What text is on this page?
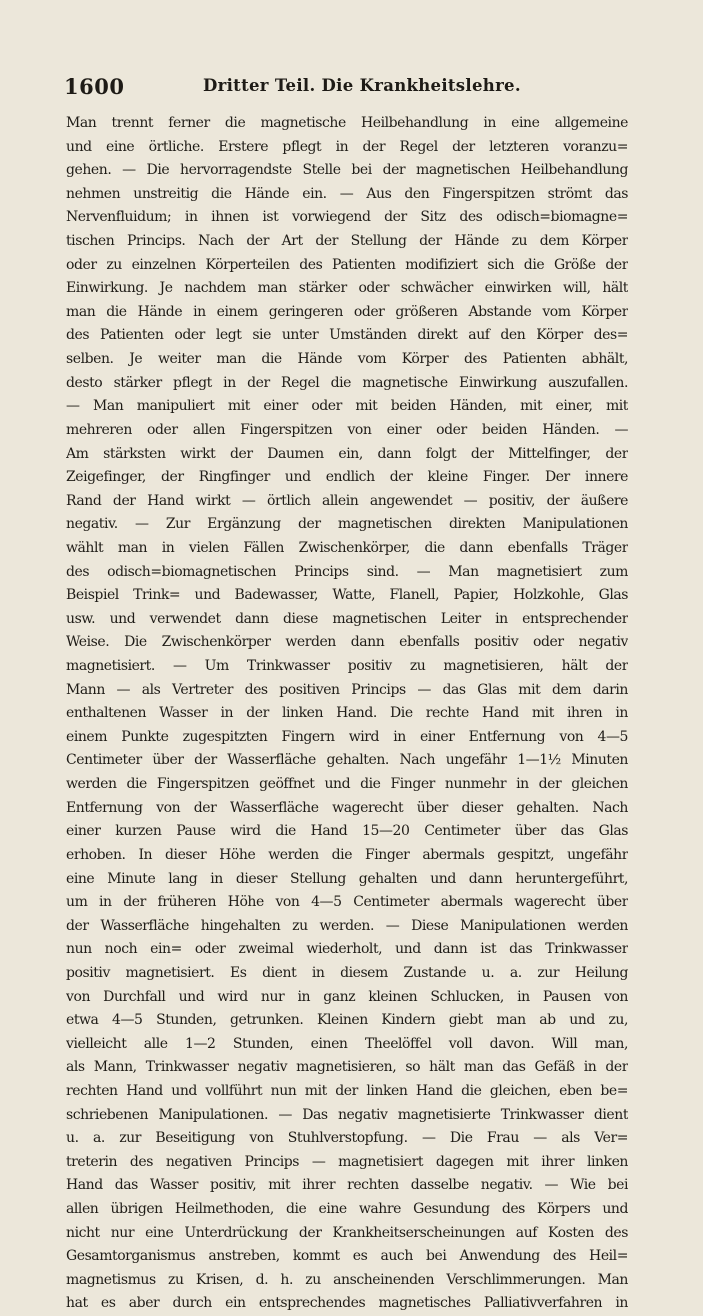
1600	Dritter Teil. Die Krankheitslehre.
Man trennt ferner die magnetische Heilbehandlung in eine allgemeine
und eine örtliche. Erstere pflegt in der Regel der letzteren voranzu=
gehen. — Die hervorragendste Stelle bei der magnetischen Heilbehandlung
nehmen unstreitig die Hände ein. — Aus den Fingerspitzen strömt das
Nervenfluidum; in ihnen ist vorwiegend der Sitz des odisch=biomagne=
tischen Princips. Nach der Art der Stellung der Hände zu dem Körper
oder zu einzelnen Körperteilen des Patienten modifiziert sich die Größe der
Einwirkung. Je nachdem man stärker oder schwächer einwirken will, hält
man die Hände in einem geringeren oder größeren Abstande vom Körper
des Patienten oder legt sie unter Umständen direkt auf den Körper des=
selben. Je weiter man die Hände vom Körper des Patienten abhält,
desto stärker pflegt in der Regel die magnetische Einwirkung auszufallen.
— Man manipuliert mit einer oder mit beiden Händen, mit einer, mit
mehreren oder allen Fingerspitzen von einer oder beiden Händen. —
Am stärksten wirkt der Daumen ein, dann folgt der Mittelfinger, der
Zeigefinger, der Ringfinger und endlich der kleine Finger. Der innere
Rand der Hand wirkt — örtlich allein angewendet — positiv, der äußere
negativ. — Zur Ergänzung der magnetischen direkten Manipulationen
wählt man in vielen Fällen Zwischenkörper, die dann ebenfalls Träger
des odisch=biomagnetischen Princips sind. — Man magnetisiert zum
Beispiel Trink= und Badewasser, Watte, Flanell, Papier, Holzkohle, Glas
usw. und verwendet dann diese magnetischen Leiter in entsprechender
Weise. Die Zwischenkörper werden dann ebenfalls positiv oder negativ
magnetisiert. — Um Trinkwasser positiv zu magnetisieren, hält der
Mann — als Vertreter des positiven Princips — das Glas mit dem darin
enthaltenen Wasser in der linken Hand. Die rechte Hand mit ihren in
einem Punkte zugespitzten Fingern wird in einer Entfernung von 4—5
Centimeter über der Wasserfläche gehalten. Nach ungefähr 1—1½ Minuten
werden die Fingerspitzen geöffnet und die Finger nunmehr in der gleichen
Entfernung von der Wasserfläche wagerecht über dieser gehalten. Nach
einer kurzen Pause wird die Hand 15—20 Centimeter über das Glas
erhoben. In dieser Höhe werden die Finger abermals gespitzt, ungefähr
eine Minute lang in dieser Stellung gehalten und dann heruntergeführt,
um in der früheren Höhe von 4—5 Centimeter abermals wagerecht über
der Wasserfläche hingehalten zu werden. — Diese Manipulationen werden
nun noch ein= oder zweimal wiederholt, und dann ist das Trinkwasser
positiv magnetisiert. Es dient in diesem Zustande u. a. zur Heilung
von Durchfall und wird nur in ganz kleinen Schlucken, in Pausen von
etwa 4—5 Stunden, getrunken. Kleinen Kindern giebt man ab und zu,
vielleicht alle 1—2 Stunden, einen Theelöffel voll davon. Will man,
als Mann, Trinkwasser negativ magnetisieren, so hält man das Gefäß in der
rechten Hand und vollführt nun mit der linken Hand die gleichen, eben be=
schriebenen Manipulationen. — Das negativ magnetisierte Trinkwasser dient
u. a. zur Beseitigung von Stuhlverstopfung. — Die Frau — als Ver=
treterin des negativen Princips — magnetisiert dagegen mit ihrer linken
Hand das Wasser positiv, mit ihrer rechten dasselbe negativ. — Wie bei
allen übrigen Heilmethoden, die eine wahre Gesundung des Körpers und
nicht nur eine Unterdrückung der Krankheitserscheinungen auf Kosten des
Gesamtorganismus anstreben, kommt es auch bei Anwendung des Heil=
magnetismus zu Krisen, d. h. zu anscheinenden Verschlimmerungen. Man
hat es aber durch ein entsprechendes magnetisches Palliativverfahren in
